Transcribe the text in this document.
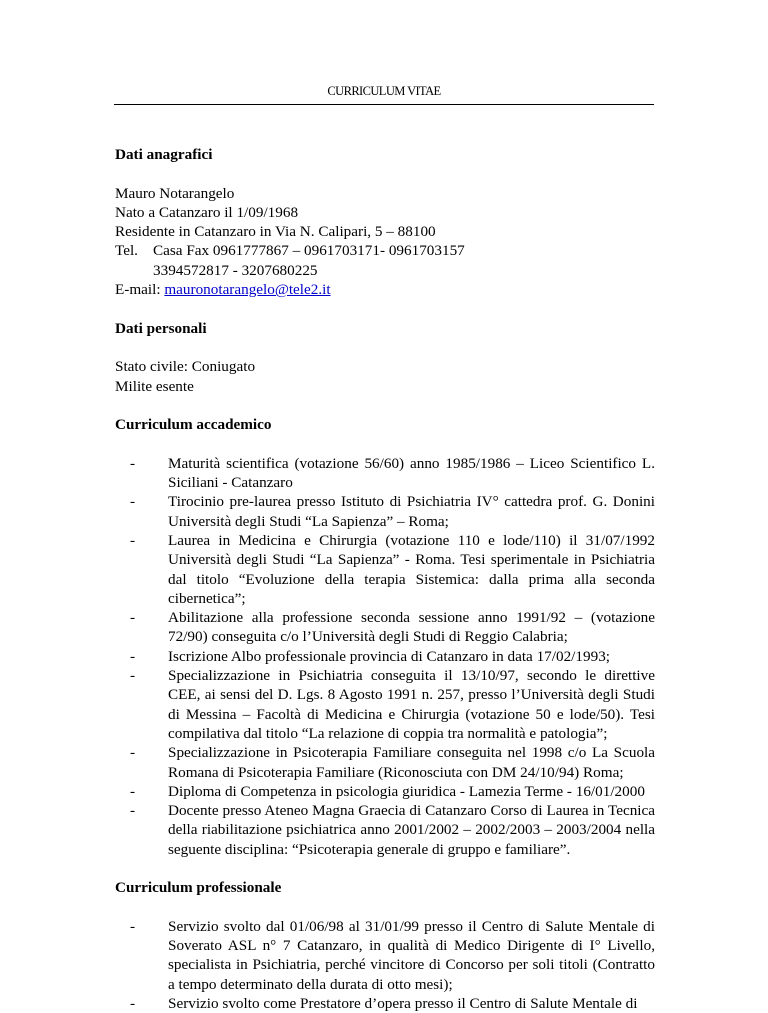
CURRICULUM VITAE
Dati anagrafici
Mauro Notarangelo
Nato a Catanzaro il 1/09/1968
Residente in Catanzaro in Via N. Calipari, 5 – 88100
Tel. Casa Fax 0961777867 – 0961703171- 0961703157
3394572817 - 3207680225
E-mail: mauronotarangelo@tele2.it
Dati personali
Stato civile: Coniugato
Milite esente
Curriculum accademico
- Maturità scientifica (votazione 56/60) anno 1985/1986 – Liceo Scientifico L. Siciliani - Catanzaro
- Tirocinio pre-laurea presso Istituto di Psichiatria IV° cattedra prof. G. Donini Università degli Studi “La Sapienza” – Roma;
- Laurea in Medicina e Chirurgia (votazione 110 e lode/110) il 31/07/1992 Università degli Studi “La Sapienza” - Roma. Tesi sperimentale in Psichiatria dal titolo “Evoluzione della terapia Sistemica: dalla prima alla seconda cibernetica”;
- Abilitazione alla professione seconda sessione anno 1991/92 – (votazione 72/90) conseguita c/o l’Università degli Studi di Reggio Calabria;
- Iscrizione Albo professionale provincia di Catanzaro in data 17/02/1993;
- Specializzazione in Psichiatria conseguita il 13/10/97, secondo le direttive CEE, ai sensi del D. Lgs. 8 Agosto 1991 n. 257, presso l’Università degli Studi di Messina – Facoltà di Medicina e Chirurgia (votazione 50 e lode/50). Tesi compilativa dal titolo “La relazione di coppia tra normalità e patologia”;
- Specializzazione in Psicoterapia Familiare conseguita nel 1998 c/o La Scuola Romana di Psicoterapia Familiare (Riconosciuta con DM 24/10/94) Roma;
- Diploma di Competenza in psicologia giuridica - Lamezia Terme - 16/01/2000
- Docente presso Ateneo Magna Graecia di Catanzaro Corso di Laurea in Tecnica della riabilitazione psichiatrica anno 2001/2002 – 2002/2003 – 2003/2004 nella seguente disciplina: “Psicoterapia generale di gruppo e familiare”.
Curriculum professionale
- Servizio svolto dal 01/06/98 al 31/01/99 presso il Centro di Salute Mentale di Soverato ASL n° 7 Catanzaro, in qualità di Medico Dirigente di I° Livello, specialista in Psichiatria, perché vincitore di Concorso per soli titoli (Contratto a tempo determinato della durata di otto mesi);
- Servizio svolto come Prestatore d’opera presso il Centro di Salute Mentale di
